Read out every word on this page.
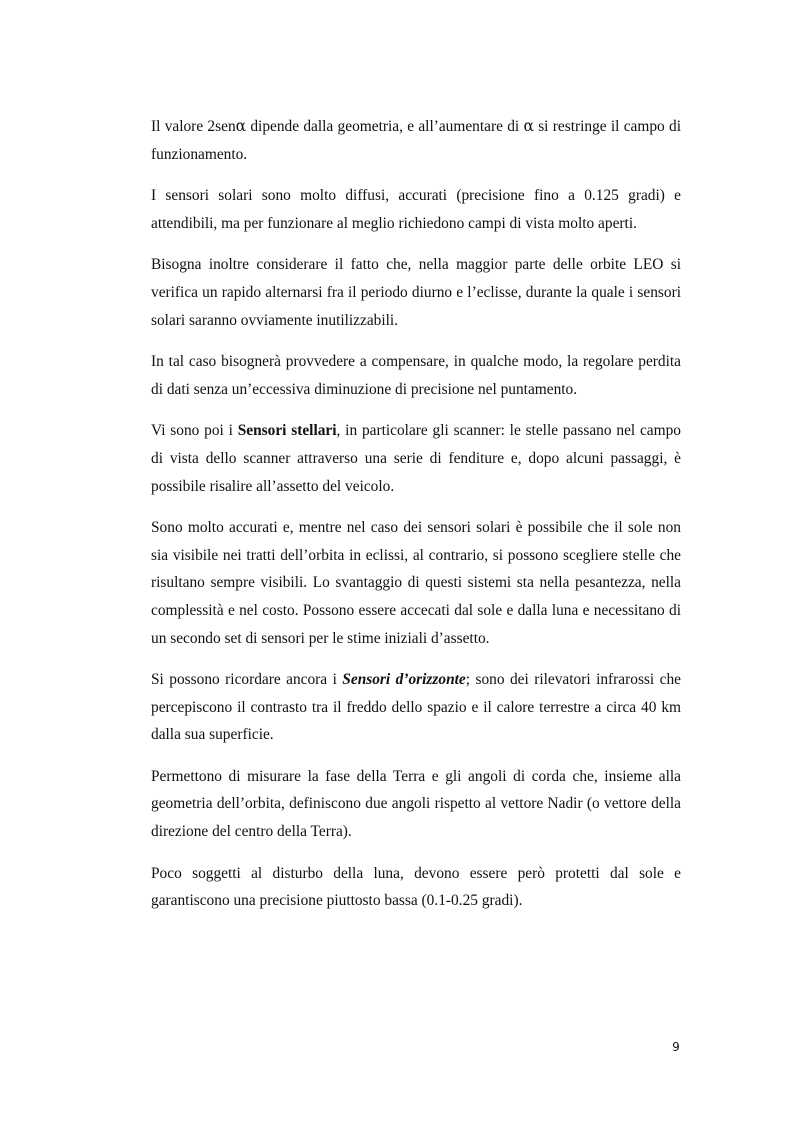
Il valore 2senα dipende dalla geometria, e all’aumentare di α si restringe il campo di funzionamento.

I sensori solari sono molto diffusi, accurati (precisione fino a 0.125 gradi) e attendibili, ma per funzionare al meglio richiedono campi di vista molto aperti.

Bisogna inoltre considerare il fatto che, nella maggior parte delle orbite LEO si verifica un rapido alternarsi fra il periodo diurno e l’eclisse, durante la quale i sensori solari saranno ovviamente inutilizzabili.

In tal caso bisognerà provvedere a compensare, in qualche modo, la regolare perdita di dati senza un’eccessiva diminuzione di precisione nel puntamento.

Vi sono poi i Sensori stellari, in particolare gli scanner: le stelle passano nel campo di vista dello scanner attraverso una serie di fenditure e, dopo alcuni passaggi, è possibile risalire all’assetto del veicolo.

Sono molto accurati e, mentre nel caso dei sensori solari è possibile che il sole non sia visibile nei tratti dell’orbita in eclissi, al contrario, si possono scegliere stelle che risultano sempre visibili. Lo svantaggio di questi sistemi sta nella pesantezza, nella complessità e nel costo. Possono essere accecati dal sole e dalla luna e necessitano di un secondo set di sensori per le stime iniziali d’assetto.

Si possono ricordare ancora i Sensori d’orizzonte; sono dei rilevatori infrarossi che percepiscono il contrasto tra il freddo dello spazio e il calore terrestre a circa 40 km dalla sua superficie.

Permettono di misurare la fase della Terra e gli angoli di corda che, insieme alla geometria dell’orbita, definiscono due angoli rispetto al vettore Nadir (o vettore della direzione del centro della Terra).

Poco soggetti al disturbo della luna, devono essere però protetti dal sole e garantiscono una precisione piuttosto bassa (0.1-0.25 gradi).

9
